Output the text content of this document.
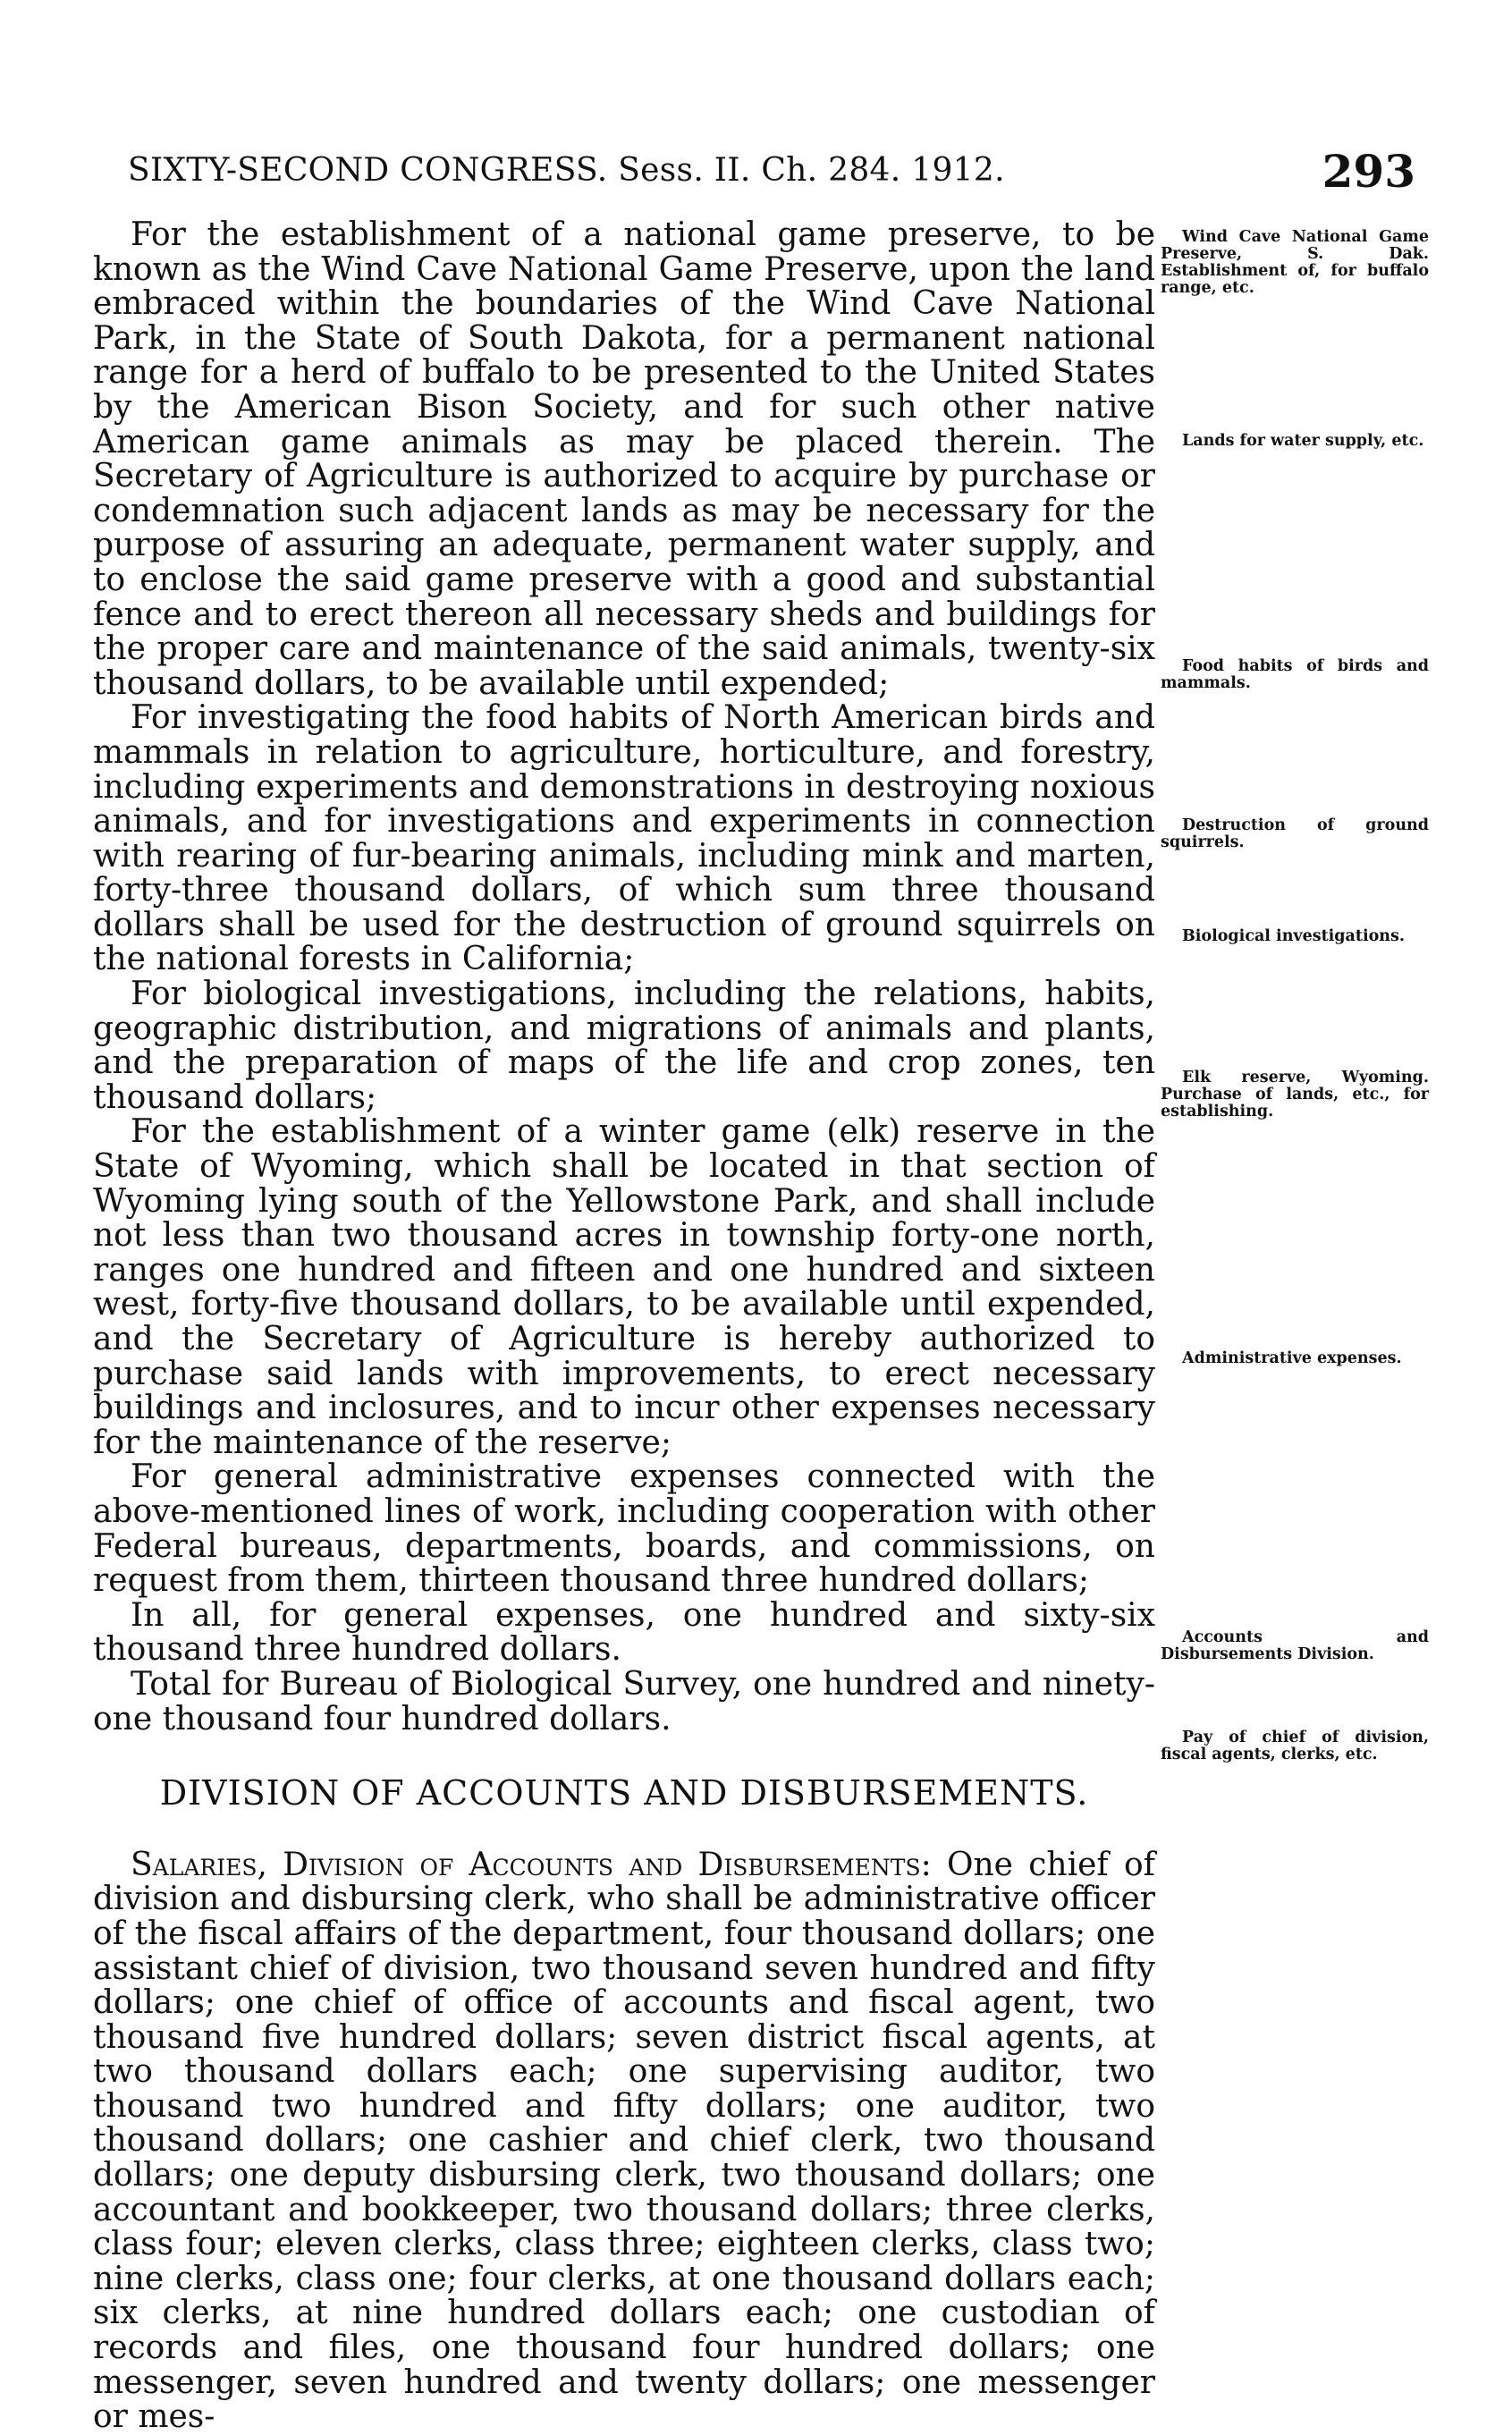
SIXTY-SECOND CONGRESS. Sess. II. Ch. 284. 1912.	293

For the establishment of a national game preserve, to be known as the Wind Cave National Game Preserve, upon the land embraced within the boundaries of the Wind Cave National Park, in the State of South Dakota, for a permanent national range for a herd of buffalo to be presented to the United States by the American Bison Society, and for such other native American game animals as may be placed therein. The Secretary of Agriculture is authorized to acquire by purchase or condemnation such adjacent lands as may be necessary for the purpose of assuring an adequate, permanent water supply, and to enclose the said game preserve with a good and substantial fence and to erect thereon all necessary sheds and buildings for the proper care and maintenance of the said animals, twenty-six thousand dollars, to be available until expended;

For investigating the food habits of North American birds and mammals in relation to agriculture, horticulture, and forestry, including experiments and demonstrations in destroying noxious animals, and for investigations and experiments in connection with rearing of fur-bearing animals, including mink and marten, forty-three thousand dollars, of which sum three thousand dollars shall be used for the destruction of ground squirrels on the national forests in California;

For biological investigations, including the relations, habits, geographic distribution, and migrations of animals and plants, and the preparation of maps of the life and crop zones, ten thousand dollars;

For the establishment of a winter game (elk) reserve in the State of Wyoming, which shall be located in that section of Wyoming lying south of the Yellowstone Park, and shall include not less than two thousand acres in township forty-one north, ranges one hundred and fifteen and one hundred and sixteen west, forty-five thousand dollars, to be available until expended, and the Secretary of Agriculture is hereby authorized to purchase said lands with improvements, to erect necessary buildings and inclosures, and to incur other expenses necessary for the maintenance of the reserve;

For general administrative expenses connected with the above-mentioned lines of work, including cooperation with other Federal bureaus, departments, boards, and commissions, on request from them, thirteen thousand three hundred dollars;

In all, for general expenses, one hundred and sixty-six thousand three hundred dollars.

Total for Bureau of Biological Survey, one hundred and ninety-one thousand four hundred dollars.

DIVISION OF ACCOUNTS AND DISBURSEMENTS.

Salaries, Division of Accounts and Disbursements: One chief of division and disbursing clerk, who shall be administrative officer of the fiscal affairs of the department, four thousand dollars; one assistant chief of division, two thousand seven hundred and fifty dollars; one chief of office of accounts and fiscal agent, two thousand five hundred dollars; seven district fiscal agents, at two thousand dollars each; one supervising auditor, two thousand two hundred and fifty dollars; one auditor, two thousand dollars; one cashier and chief clerk, two thousand dollars; one deputy disbursing clerk, two thousand dollars; one accountant and bookkeeper, two thousand dollars; three clerks, class four; eleven clerks, class three; eighteen clerks, class two; nine clerks, class one; four clerks, at one thousand dollars each; six clerks, at nine hundred dollars each; one custodian of records and files, one thousand four hundred dollars; one messenger, seven hundred and twenty dollars; one messenger or mes-

Wind Cave National Game Preserve, S. Dak. Establishment of, for buffalo range, etc.
Lands for water supply, etc.
Food habits of birds and mammals.
Destruction of ground squirrels.
Biological investigations.
Elk reserve, Wyoming. Purchase of lands, etc., for establishing.
Administrative expenses.
Accounts and Disbursements Division.
Pay of chief of division, fiscal agents, clerks, etc.
